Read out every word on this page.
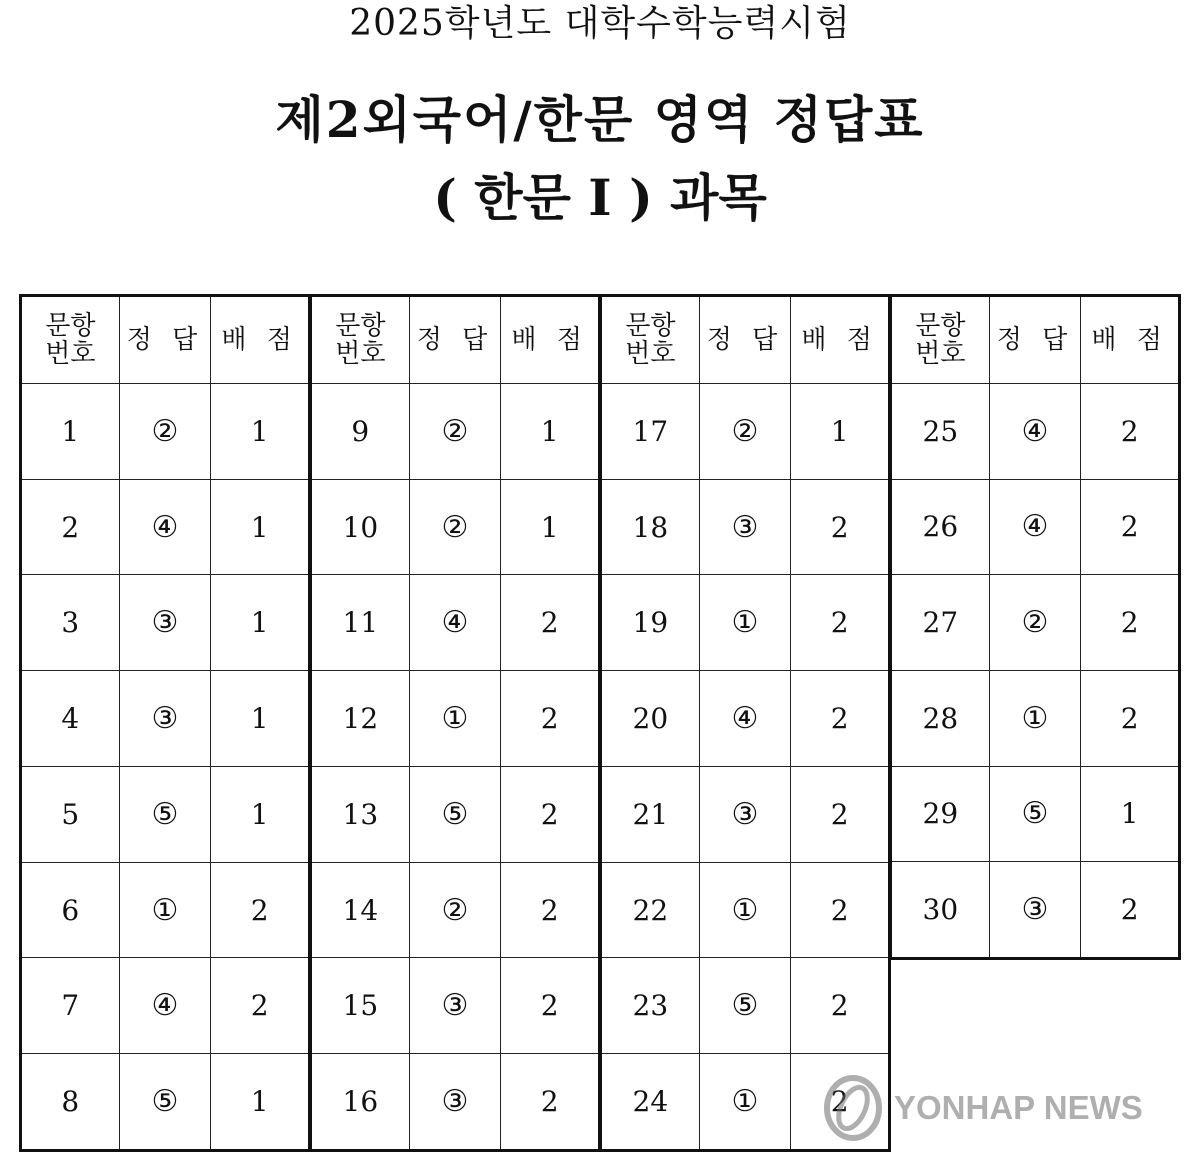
2025학년도 대학수학능력시험
제2외국어/한문 영역 정답표
( 한문 I ) 과목
문항
번호	정 답	배 점
1	②	1
2	④	1
3	③	1
4	③	1
5	⑤	1
6	①	2
7	④	2
8	⑤	1
문항
번호	정 답	배 점
9	②	1
10	②	1
11	④	2
12	①	2
13	⑤	2
14	②	2
15	③	2
16	③	2
문항
번호	정 답	배 점
17	②	1
18	③	2
19	①	2
20	④	2
21	③	2
22	①	2
23	⑤	2
24	①	2
문항
번호	정 답	배 점
25	④	2
26	④	2
27	②	2
28	①	2
29	⑤	1
30	③	2
YONHAP NEWS
